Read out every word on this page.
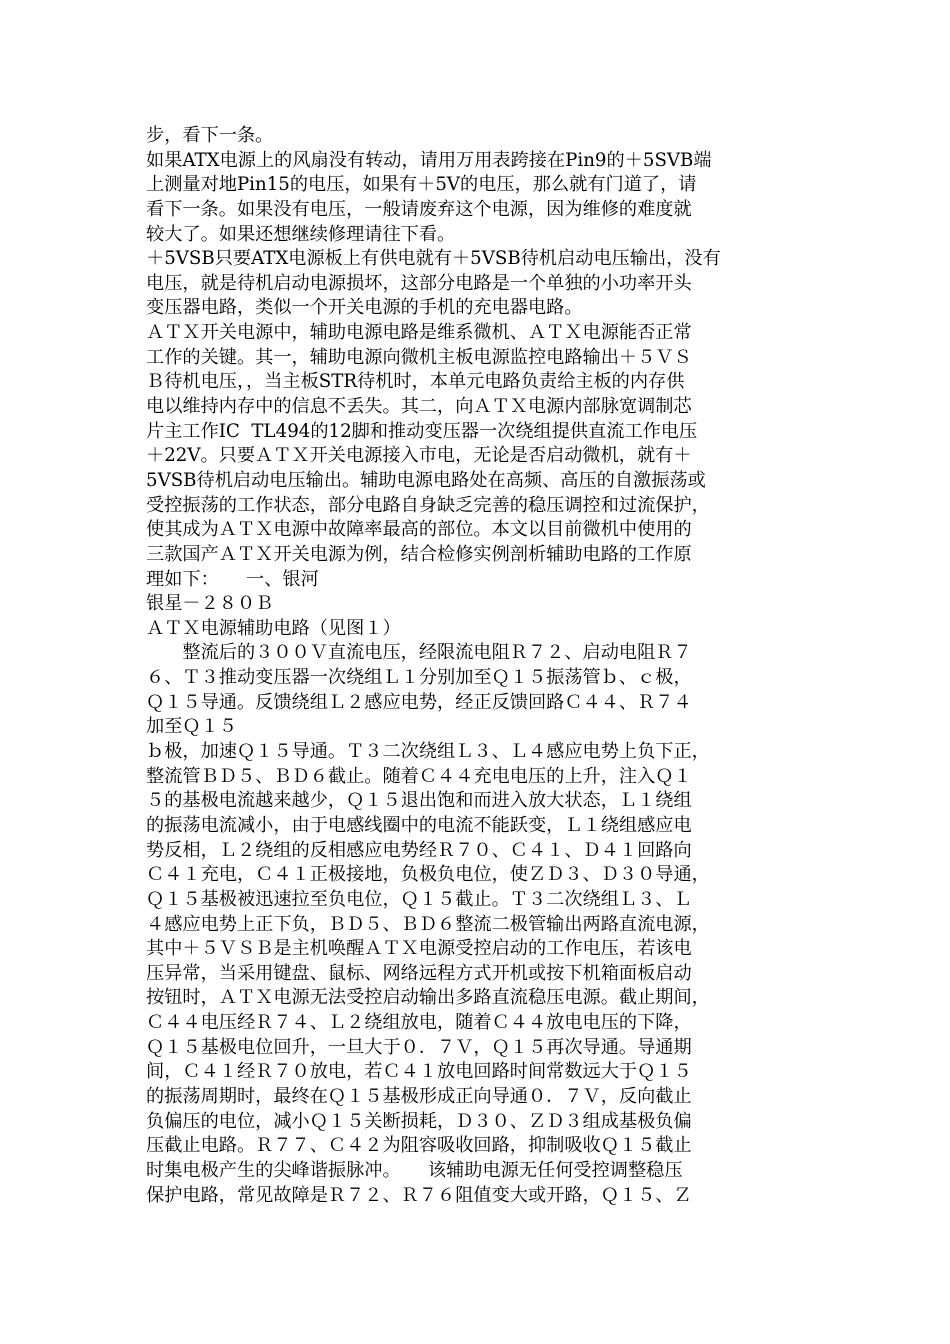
步，看下一条。
如果ATX电源上的风扇没有转动，请用万用表跨接在Pin9的＋5SVB端
上测量对地Pin15的电压，如果有＋5V的电压，那么就有门道了，请
看下一条。如果没有电压，一般请废弃这个电源，因为维修的难度就
较大了。如果还想继续修理请往下看。
＋5VSB只要ATX电源板上有供电就有＋5VSB待机启动电压输出，没有
电压，就是待机启动电源损坏，这部分电路是一个单独的小功率开头
变压器电路，类似一个开关电源的手机的充电器电路。
ＡＴＸ开关电源中，辅助电源电路是维系微机、ＡＴＸ电源能否正常
工作的关键。其一，辅助电源向微机主板电源监控电路输出＋５ＶＳ
Ｂ待机电压，，当主板STR待机时，本单元电路负责给主板的内存供
电以维持内存中的信息不丢失。其二，向ＡＴＸ电源内部脉宽调制芯
片主工作IC  TL494的12脚和推动变压器一次绕组提供直流工作电压
＋22V。只要ＡＴＸ开关电源接入市电，无论是否启动微机，就有＋
5VSB待机启动电压输出。辅助电源电路处在高频、高压的自激振荡或
受控振荡的工作状态，部分电路自身缺乏完善的稳压调控和过流保护，
使其成为ＡＴＸ电源中故障率最高的部位。本文以目前微机中使用的
三款国产ＡＴＸ开关电源为例，结合检修实例剖析辅助电路的工作原
理如下：　　一、银河
银星－２８０Ｂ
ＡＴＸ电源辅助电路（见图１）
　　整流后的３００Ｖ直流电压，经限流电阻Ｒ７２、启动电阻Ｒ７
６、Ｔ３推动变压器一次绕组Ｌ１分别加至Ｑ１５振荡管ｂ、ｃ极，
Ｑ１５导通。反馈绕组Ｌ２感应电势，经正反馈回路Ｃ４４、Ｒ７４
加至Ｑ１５
ｂ极，加速Ｑ１５导通。Ｔ３二次绕组Ｌ３、Ｌ４感应电势上负下正，
整流管ＢＤ５、ＢＤ６截止。随着Ｃ４４充电电压的上升，注入Ｑ１
５的基极电流越来越少，Ｑ１５退出饱和而进入放大状态，Ｌ１绕组
的振荡电流减小，由于电感线圈中的电流不能跃变，Ｌ１绕组感应电
势反相，Ｌ２绕组的反相感应电势经Ｒ７０、Ｃ４１、Ｄ４１回路向
Ｃ４１充电，Ｃ４１正极接地，负极负电位，使ＺＤ３、Ｄ３０导通，
Ｑ１５基极被迅速拉至负电位，Ｑ１５截止。Ｔ３二次绕组Ｌ３、Ｌ
４感应电势上正下负，ＢＤ５、ＢＤ６整流二极管输出两路直流电源，
其中＋５ＶＳＢ是主机唤醒ＡＴＸ电源受控启动的工作电压，若该电
压异常，当采用键盘、鼠标、网络远程方式开机或按下机箱面板启动
按钮时，ＡＴＸ电源无法受控启动输出多路直流稳压电源。截止期间，
Ｃ４４电压经Ｒ７４、Ｌ２绕组放电，随着Ｃ４４放电电压的下降，
Ｑ１５基极电位回升，一旦大于０．７Ｖ，Ｑ１５再次导通。导通期
间，Ｃ４１经Ｒ７０放电，若Ｃ４１放电回路时间常数远大于Ｑ１５
的振荡周期时，最终在Ｑ１５基极形成正向导通０．７Ｖ，反向截止
负偏压的电位，减小Ｑ１５关断损耗，Ｄ３０、ＺＤ３组成基极负偏
压截止电路。Ｒ７７、Ｃ４２为阻容吸收回路，抑制吸收Ｑ１５截止
时集电极产生的尖峰谐振脉冲。　　该辅助电源无任何受控调整稳压
保护电路，常见故障是Ｒ７２、Ｒ７６阻值变大或开路，Ｑ１５、Ｚ
